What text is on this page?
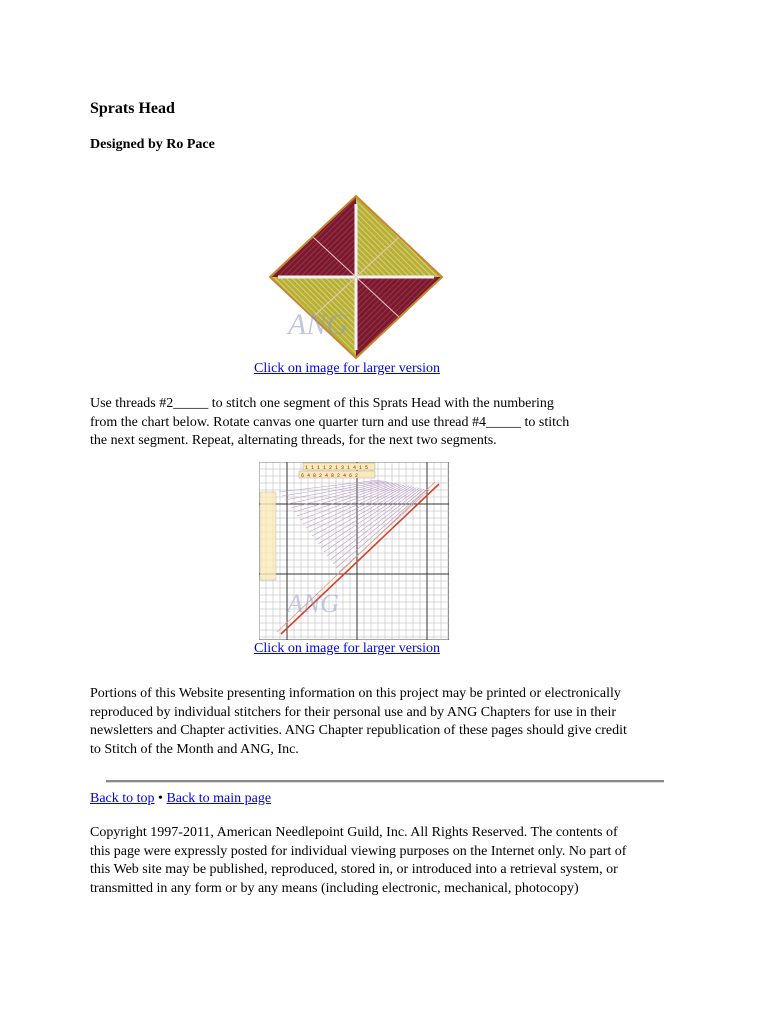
Sprats Head

Designed by Ro Pace

ANG
Click on image for larger version

Use threads #2_____ to stitch one segment of this Sprats Head with the numbering
from the chart below. Rotate canvas one quarter turn and use thread #4_____ to stitch
the next segment. Repeat, alternating threads, for the next two segments.

1 1 1 1 2 1 3 1 4 1 5
6 4 8 2 4 8 2 4 6 2
ANG
Click on image for larger version

Portions of this Website presenting information on this project may be printed or electronically
reproduced by individual stitchers for their personal use and by ANG Chapters for use in their
newsletters and Chapter activities. ANG Chapter republication of these pages should give credit
to Stitch of the Month and ANG, Inc.

Back to top • Back to main page

Copyright 1997-2011, American Needlepoint Guild, Inc. All Rights Reserved. The contents of
this page were expressly posted for individual viewing purposes on the Internet only. No part of
this Web site may be published, reproduced, stored in, or introduced into a retrieval system, or
transmitted in any form or by any means (including electronic, mechanical, photocopy)
